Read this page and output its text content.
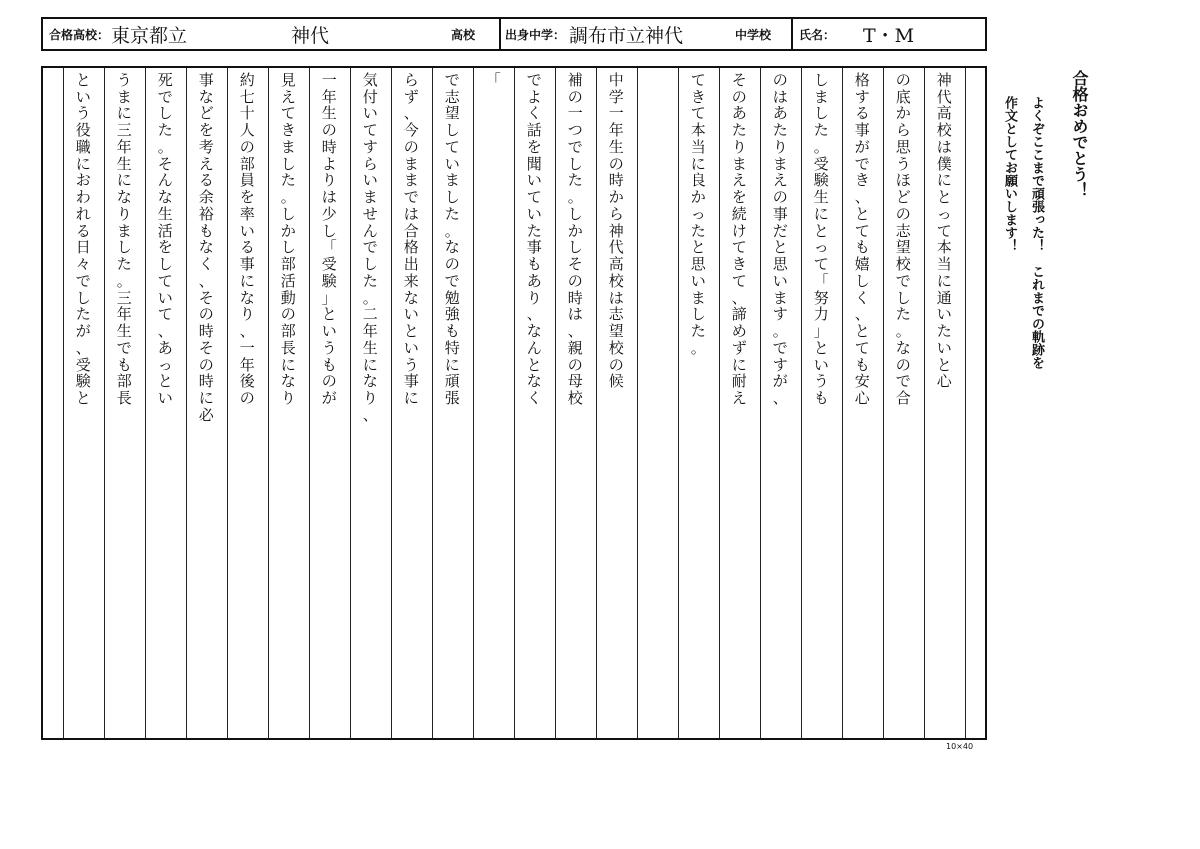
合格高校： 東京都立	神代	高校 出身中学： 調布市立神代	中学校 氏名： T・M
神
代
高
校
は
僕
に
と
っ
て
本
当
に
通
い
た
い
と
心
の
底
か
ら
思
う
ほ
ど
の
志
望
校
で
し
た
。
な
の
で
合
格
す
る
事
が
で
き
、
と
て
も
嬉
し
く
、
と
て
も
安
心
し
ま
し
た
。
受
験
生
に
と
っ
て
「
努
力
」
と
い
う
も
の
は
あ
た
り
ま
え
の
事
だ
と
思
い
ま
す
。
で
す
が
、
そ
の
あ
た
り
ま
え
を
続
け
て
き
て
、
諦
め
ず
に
耐
え
て
き
て
本
当
に
良
か
っ
た
と
思
い
ま
し
た
。
中
学
一
年
生
の
時
か
ら
神
代
高
校
は
志
望
校
の
候
補
の
一
つ
で
し
た
。
し
か
し
そ
の
時
は
、
親
の
母
校
で
よ
く
話
を
聞
い
て
い
た
事
も
あ
り
、
な
ん
と
な
く
「
で
志
望
し
て
い
ま
し
た
。
な
の
で
勉
強
も
特
に
頑
張
ら
ず
、
今
の
ま
ま
で
は
合
格
出
来
な
い
と
い
う
事
に
気
付
い
て
す
ら
い
ま
せ
ん
で
し
た
。
二
年
生
に
な
り
、
一
年
生
の
時
よ
り
は
少
し
「
受
験
」
と
い
う
も
の
が
見
え
て
き
ま
し
た
。
し
か
し
部
活
動
の
部
長
に
な
り
約
七
十
人
の
部
員
を
率
い
る
事
に
な
り
、
一
年
後
の
事
な
ど
を
考
え
る
余
裕
も
な
く
、
そ
の
時
そ
の
時
に
必
死
で
し
た
。
そ
ん
な
生
活
を
し
て
い
て
、
あ
っ
と
い
う
ま
に
三
年
生
に
な
り
ま
し
た
。
三
年
生
で
も
部
長
と
い
う
役
職
に
お
わ
れ
る
日
々
で
し
た
が
、
受
験
と
10×40
合格おめでとう！
よくぞここまで頑張った！　これまでの軌跡を
作文としてお願いします！
